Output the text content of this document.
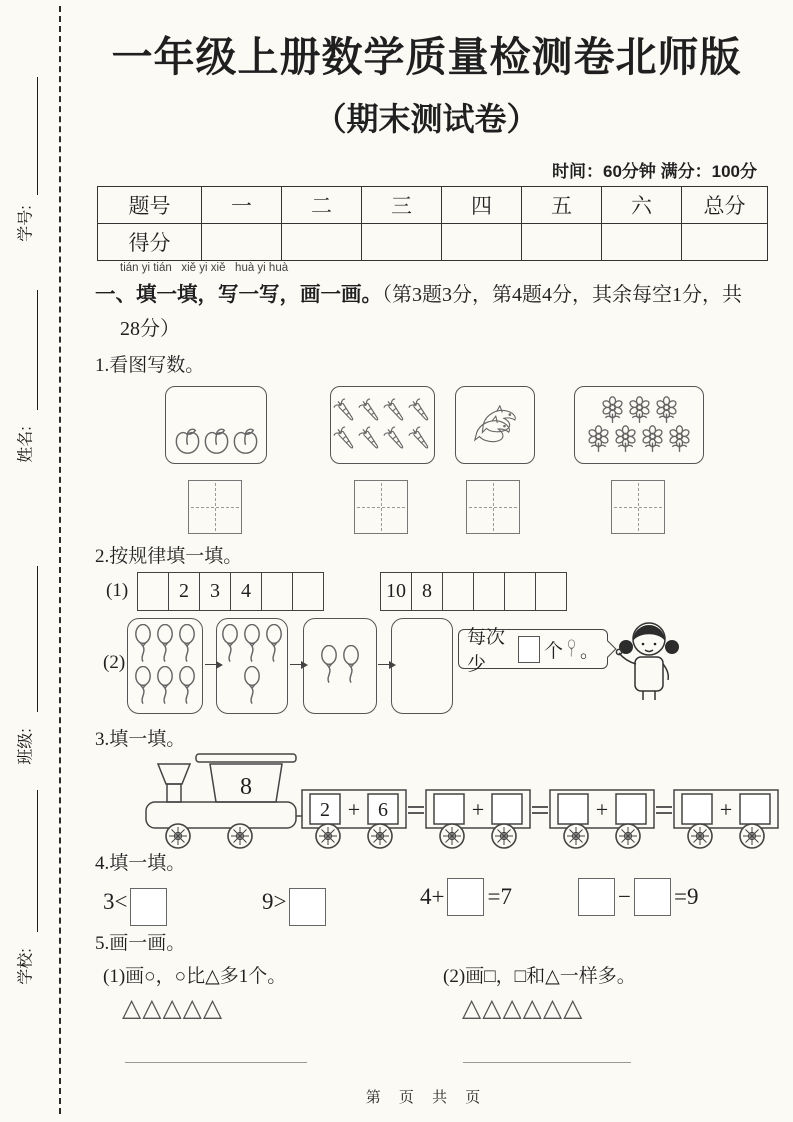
学号:
姓名:
班级:
学校:
一年级上册数学质量检测卷北师版
（期末测试卷）
时间：60分钟 满分：100分
题号	一	二	三	四	五	六	总分
得分							
tián yi tián   xiě yi xiě   huà yi huà
一、填一填，写一写，画一画。（第3题3分，第4题4分，其余每空1分，共
28分）
1.看图写数。
2.按规律填一填。
(1)	2	3	4	10 8
(2)
每次少
个 。
3.填一填。
8
2 + 6	+	+	+
4.填一填。
3<	9>	4+ =7	− =9
5.画一画。
(1)画○，○比△多1个。	(2)画□，□和△一样多。
△△△△△	△△△△△△
第 页 共 页
